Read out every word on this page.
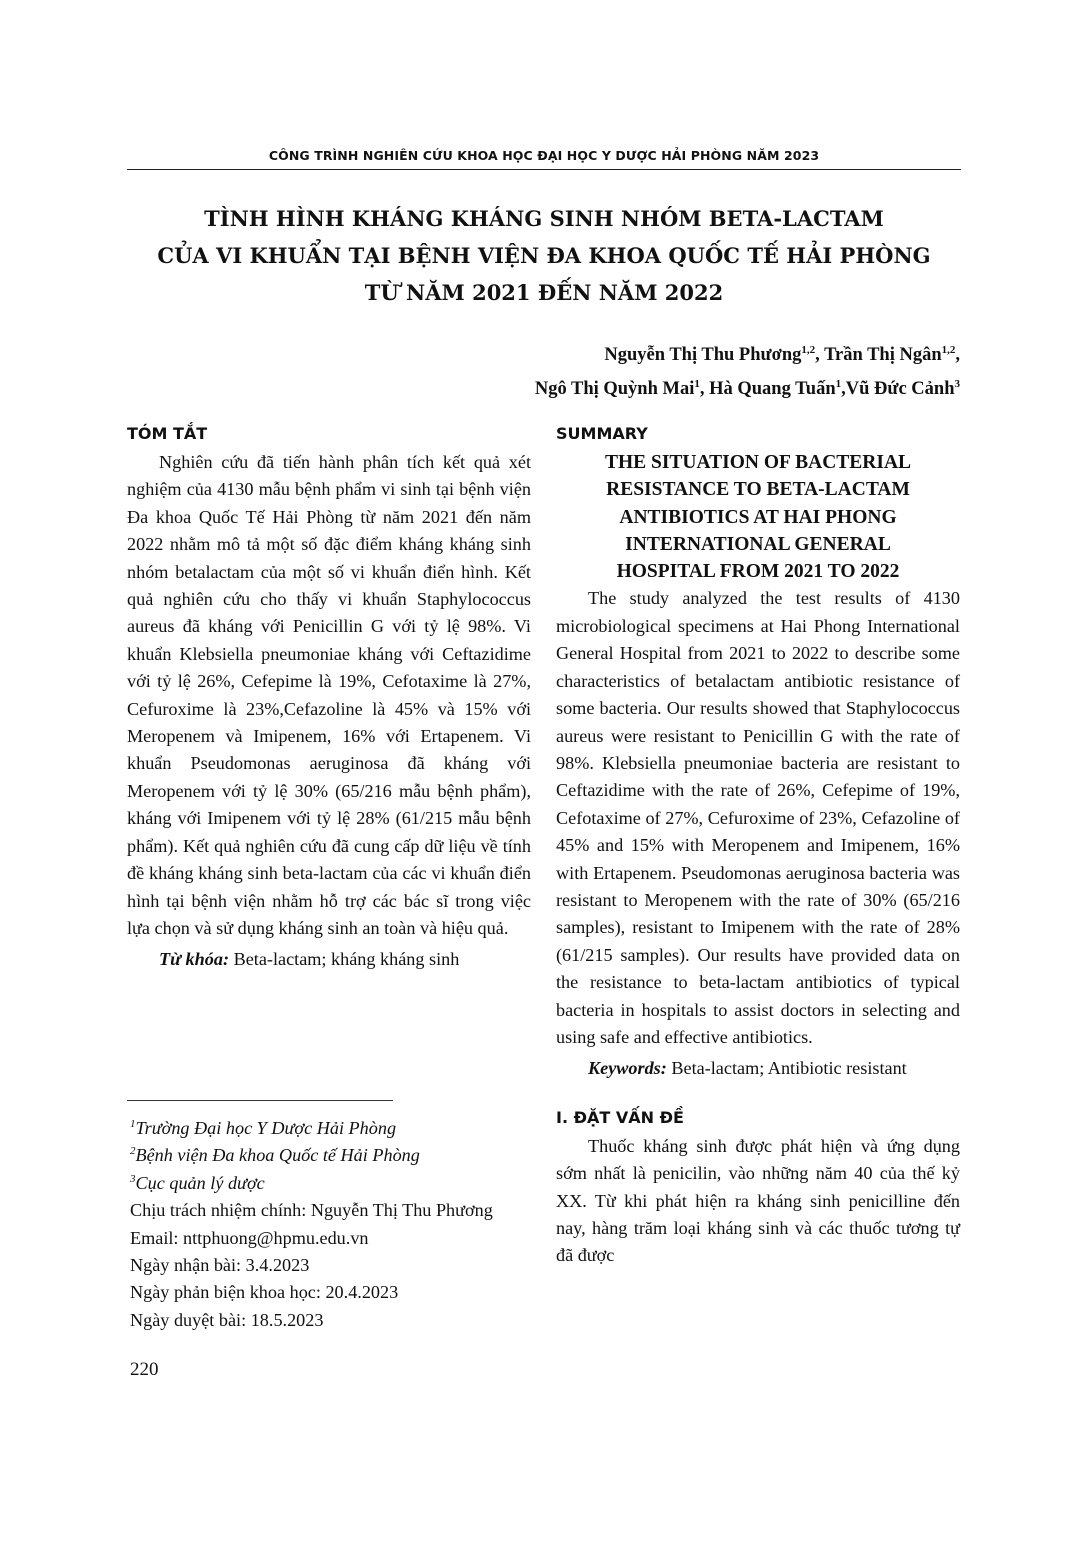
CÔNG TRÌNH NGHIÊN CỨU KHOA HỌC ĐẠI HỌC Y DƯỢC HẢI PHÒNG NĂM 2023
TÌNH HÌNH KHÁNG KHÁNG SINH NHÓM BETA-LACTAM
CỦA VI KHUẨN TẠI BỆNH VIỆN ĐA KHOA QUỐC TẾ HẢI PHÒNG
TỪ NĂM 2021 ĐẾN NĂM 2022
Nguyễn Thị Thu Phương$^{1,2}$, Trần Thị Ngân$^{1,2}$,
Ngô Thị Quỳnh Mai$^1$, Hà Quang Tuấn$^1$,Vũ Đức Cảnh$^3$
TÓM TẮT

Nghiên cứu đã tiến hành phân tích kết quả xét nghiệm của 4130 mẫu bệnh phẩm vi sinh tại bệnh viện Đa khoa Quốc Tế Hải Phòng từ năm 2021 đến năm 2022 nhằm mô tả một số đặc điểm kháng kháng sinh nhóm betalactam của một số vi khuẩn điển hình. Kết quả nghiên cứu cho thấy vi khuẩn Staphylococcus aureus đã kháng với Penicillin G với tỷ lệ 98%. Vi khuẩn Klebsiella pneumoniae kháng với Ceftazidime với tỷ lệ 26%, Cefepime là 19%, Cefotaxime là 27%, Cefuroxime là 23%,Cefazoline là 45% và 15% với Meropenem và Imipenem, 16% với Ertapenem. Vi khuẩn Pseudomonas aeruginosa đã kháng với Meropenem với tỷ lệ 30% (65/216 mẫu bệnh phẩm), kháng với Imipenem với tỷ lệ 28% (61/215 mẫu bệnh phẩm). Kết quả nghiên cứu đã cung cấp dữ liệu về tính đề kháng kháng sinh beta-lactam của các vi khuẩn điển hình tại bệnh viện nhằm hỗ trợ các bác sĩ trong việc lựa chọn và sử dụng kháng sinh an toàn và hiệu quả.

Từ khóa: Beta-lactam; kháng kháng sinh

$^1$Trường Đại học Y Dược Hải Phòng
$^2$Bệnh viện Đa khoa Quốc tế Hải Phòng
$^3$Cục quản lý dược
Chịu trách nhiệm chính: Nguyễn Thị Thu Phương
Email: nttphuong@hpmu.edu.vn
Ngày nhận bài: 3.4.2023
Ngày phản biện khoa học: 20.4.2023
Ngày duyệt bài: 18.5.2023
SUMMARY

THE SITUATION OF BACTERIAL

RESISTANCE TO BETA-LACTAM

ANTIBIOTICS AT HAI PHONG

INTERNATIONAL GENERAL

HOSPITAL FROM 2021 TO 2022

The study analyzed the test results of 4130 microbiological specimens at Hai Phong International General Hospital from 2021 to 2022 to describe some characteristics of betalactam antibiotic resistance of some bacteria. Our results showed that Staphylococcus aureus were resistant to Penicillin G with the rate of 98%. Klebsiella pneumoniae bacteria are resistant to Ceftazidime with the rate of 26%, Cefepime of 19%, Cefotaxime of 27%, Cefuroxime of 23%, Cefazoline of 45% and 15% with Meropenem and Imipenem, 16% with Ertapenem. Pseudomonas aeruginosa bacteria was resistant to Meropenem with the rate of 30% (65/216 samples), resistant to Imipenem with the rate of 28% (61/215 samples). Our results have provided data on the resistance to beta-lactam antibiotics of typical bacteria in hospitals to assist doctors in selecting and using safe and effective antibiotics.

Keywords: Beta-lactam; Antibiotic resistant

I. ĐẶT VẤN ĐỀ

Thuốc kháng sinh được phát hiện và ứng dụng sớm nhất là penicilin, vào những năm 40 của thế kỷ XX. Từ khi phát hiện ra kháng sinh penicilline đến nay, hàng trăm loại kháng sinh và các thuốc tương tự đã được

220
